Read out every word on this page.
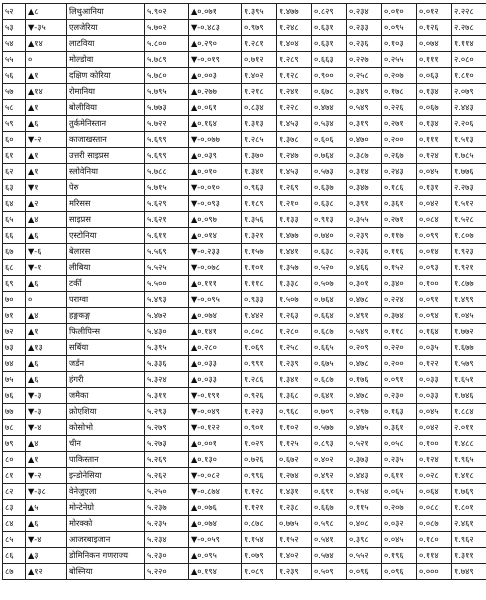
५२	▲८	लिथुआनिया	५.९०२	▲०.०७१	१.३९५	१.४७७	०.८२९	०.२३४	०.०१०	०.०१२	२.२२८
५३	▼-३५	एलजेरिया	५.७०२	▼-०.४८३	०.९७९	१.२४८	०.६३१	०.२३३	०.०९५	०.१२६	२.२७८
५४	▲१४	लाटविया	५.८००	▲०.२९०	१.२८१	१.४०४	०.६३१	०.२३६	०.१०३	०.०७४	१.११४
५५	०	मोल्डोवा	५.७८९	▼-०.०१९	०.७१२	१.२८९	०.६६३	०.२२७	०.२५५	०.१११	२.०८०
५६	▲१	दक्षिण कोरिया	५.७८०	▲०.००३	१.४०२	१.१२८	०.९००	०.२५८	०.२०७	०.०६३	१.८१०
५७	▲१४	रोमानिया	५.७९५	▲०.२७७	१.२१८	१.२४१	०.६७८	०.३४९	०.१७८	०.१३४	२.०७९
५८	▲१	बोलीविया	५.७७३	▲०.०६१	०.८३४	१.२२८	०.४७४	०.५४९	०.२२६	०.०६७	२.४४३
५९	▲६	तुर्कमेनिस्तान	५.७२२	▲०.१६४	१.३१३	१.४५३	०.५३४	०.३१९	०.२७१	०.१३४	२.२०६
६०	▼-२	काजाखस्तान	५.६९९	▼-०.०७७	१.२८५	१.३७८	०.६०६	०.४७०	०.२००	०.१११	१.५१३
६१	▲१	उत्तरी साइप्रस	५.६९९	▲०.०३९	१.३७०	१.२४७	०.७६४	०.३८७	०.२६७	०.१२४	१.७८५
६२	▲१	स्लोवेनिया	५.७८८	▲०.०१०	१.३४१	१.४५३	०.५७३	०.३१४	०.२४३	०.०४५	१.७७६
६३	▼१	पेरु	५.७१५	▼-०.०१०	०.९६३	१.२६९	०.६३७	०.३४७	०.१८६	०.१३१	२.२७३
६४	▲२	मरिसस	५.६२९	▼-०.०९३	१.१८९	१.२१०	०.६३८	०.३९१	०.३६१	०.०४२	१.५१२
६५	▲४	साइप्रस	५.६२१	▲०.०९७	१.३५६	१.१३३	०.९१३	०.३५५	०.२७१	०.०८४	१.५२८
६६	▲६	एस्टोनिया	५.६११	▲०.०१४	१.३२१	१.४७७	०.७४०	०.२३९	०.११७	०.०९९	१.८०७
६७	▼-६	बेलारस	५.५६९	▼-०.२३३	१.१५७	१.४४१	०.६३८	०.२३६	०.११६	०.०१४	१.९२३
६८	▼-१	लीबिया	५.५२५	▼-०.०७८	१.१०१	१.३५७	०.५२०	०.४६६	०.१५२	०.०९३	१.९२१
६९	▲६	टर्की	५.५००	▲०.१११	१.११८	१.३३८	०.५०७	०.३०१	०.३४०	०.१००	१.८७७
७०	०	पराग्वा	५.४९३	▼-०.०९५	०.९३३	१.५०७	०.७६४	०.४७८	०.२२४	०.०९१	१.४९९
७१	▲४	हङ्गकङ्ग	५.४७२	▲०.०७४	१.४४२	१.२६३	०.६६४	०.४९१	०.३७४	०.०९४	१.०४५
७२	▲१	फिलीपिन्स	५.४३०	▲०.१४१	०.८०८	१.२८०	०.६८७	०.५४९	०.११८	०.१६४	१.७७२
७३	▲१३	सर्बिया	५.३९५	▲०.२८०	१.०६९	१.२५८	०.६६५	०.२०९	०.२२०	०.०३५	१.६७७
७४	▲६	जर्डन	५.३३६	▲०.०३३	०.९९१	१.२३९	०.६७५	०.४७८	०.२००	०.१२२	१.५७९
७५	▲६	हंगरी	५.३२४	▲०.०३३	१.२८६	१.३४१	०.६८७	०.१७६	०.०९१	०.०३३	१.६५१
७६	▼-३	जमैका	५.३११	▼-०.१९१	०.९२६	१.३६८	०.६४१	०.४७८	०.२३०	०.०३३	१.७४६
७७	▼-३	क्रोएशिया	५.२९३	▼-०.०४९	१.२२३	०.९६८	०.७०९	०.२९७	०.१६३	०.०४५	१.८८४
७८	▼-४	कोसोभो	५.२७९	▼-०.१२२	०.९०१	१.१०२	०.५७७	०.४७५	०.३६१	०.०४२	२.०११
७९	▲४	चीन	५.२७३	▲०.००१	१.०२९	१.१२५	०.८९३	०.५२१	०.०५८	०.१००	१.४८८
८०	▲१	पाकिस्तान	५.२६९	▲०.१३०	०.७२६	०.६७२	०.४०२	०.३७३	०.२३५	०.१२४	१.९६५
८१	▼-२	इन्डोनेसिया	५.२६२	▼-०.०८२	०.९९६	१.२७४	०.४९२	०.४४३	०.६११	०.०२८	१.४१८
८२	▼-३८	वेनेजुएला	५.२५०	▼-०.८७४	१.१२८	१.४३१	०.६९१	०.१५४	०.०६५	०.०६४	१.७६९
८३	▲५	मोन्टेनेग्रो	५.२३७	▲०.०७६	१.१२१	१.२३८	०.६६७	०.११५	०.२०७	०.०८८	१.८०१
८४	▲६	मोरक्को	५.२३५	▲०.०७४	०.८७८	०.७७५	०.५९८	०.४०८	०.०३२	०.०८७	२.४६१
८५	▼-४	आजरबाइजान	५.२३४	▼-०.०५९	१.१५४	१.१५२	०.५४१	०.३९८	०.०४५	०.१८०	१.९६२
८६	▲३	डोमिनिकन गणराज्य	५.२३०	▲०.०९५	१.०७९	१.४०२	०.५७४	०.५५२	०.१९६	०.११४	१.३११
८७	▲१२	बोस्निया	५.२२०	▲०.१९४	१.०८९	१.२३९	०.५०९	०.०९६	०.०९६	०.०००	१.७४९
